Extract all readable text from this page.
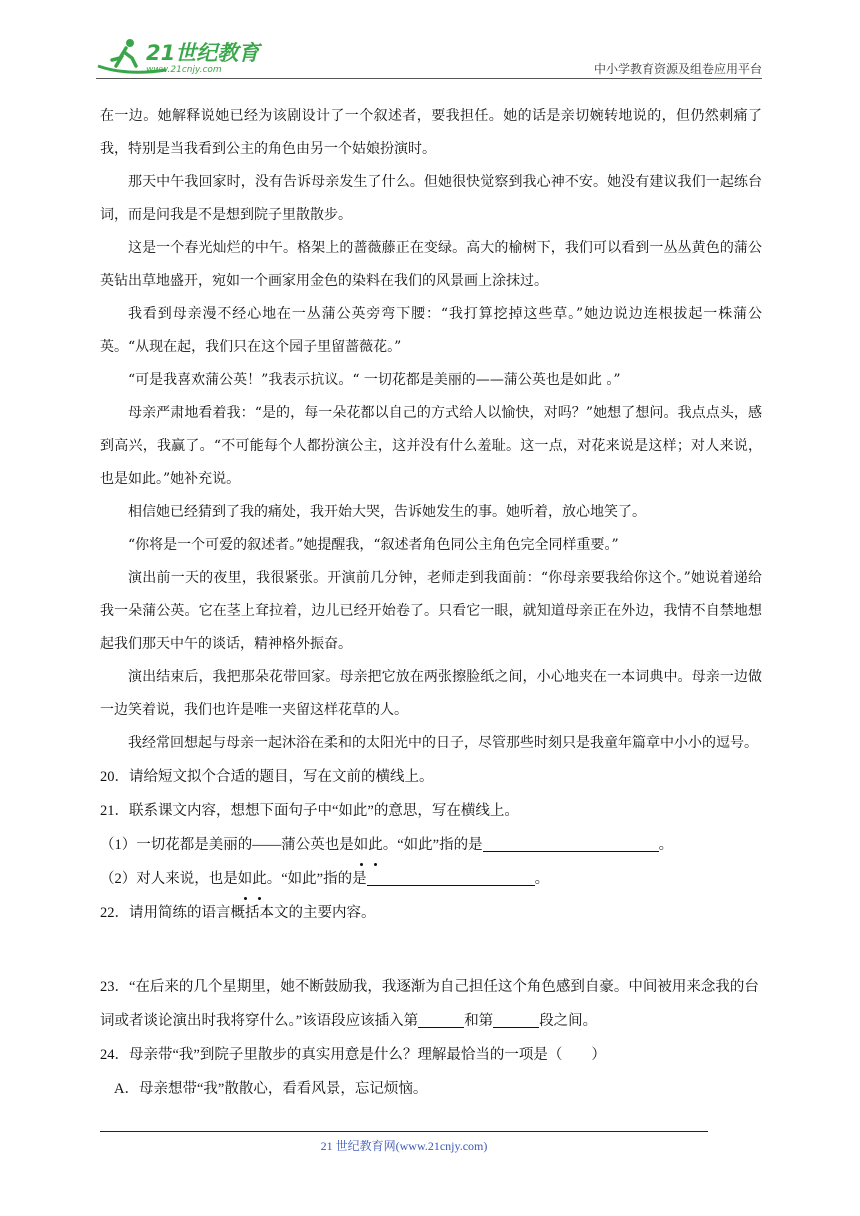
21世纪教育
www.21cnjy.com	中小学教育资源及组卷应用平台
在一边。她解释说她已经为该剧设计了一个叙述者，要我担任。她的话是亲切婉转地说的，但仍然刺痛了我，特别是当我看到公主的角色由另一个姑娘扮演时。
那天中午我回家时，没有告诉母亲发生了什么。但她很快觉察到我心神不安。她没有建议我们一起练台词，而是问我是不是想到院子里散散步。
这是一个春光灿烂的中午。格架上的蔷薇藤正在变绿。高大的榆树下，我们可以看到一丛丛黄色的蒲公英钻出草地盛开，宛如一个画家用金色的染料在我们的风景画上涂抹过。
我看到母亲漫不经心地在一丛蒲公英旁弯下腰：“我打算挖掉这些草。”她边说边连根拔起一株蒲公英。“从现在起，我们只在这个园子里留蔷薇花。”
“可是我喜欢蒲公英！”我表示抗议。“ 一切花都是美丽的——蒲公英也是如此 。”
母亲严肃地看着我：“是的，每一朵花都以自己的方式给人以愉快，对吗？”她想了想问。我点点头，感到高兴，我赢了。“不可能每个人都扮演公主，这并没有什么羞耻。这一点，对花来说是这样；对人来说，也是如此。”她补充说。
相信她已经猜到了我的痛处，我开始大哭，告诉她发生的事。她听着，放心地笑了。
“你将是一个可爱的叙述者。”她提醒我，“叙述者角色同公主角色完全同样重要。”
演出前一天的夜里，我很紧张。开演前几分钟，老师走到我面前：“你母亲要我给你这个。”她说着递给我一朵蒲公英。它在茎上耷拉着，边儿已经开始卷了。只看它一眼，就知道母亲正在外边，我情不自禁地想起我们那天中午的谈话，精神格外振奋。
演出结束后，我把那朵花带回家。母亲把它放在两张擦脸纸之间，小心地夹在一本词典中。母亲一边做一边笑着说，我们也许是唯一夹留这样花草的人。
我经常回想起与母亲一起沐浴在柔和的太阳光中的日子，尽管那些时刻只是我童年篇章中小小的逗号。
20．请给短文拟个合适的题目，写在文前的横线上。
21．联系课文内容，想想下面句子中“如此”的意思，写在横线上。
（1）一切花都是美丽的——蒲公英也是如此。“如此”指的是	。
（2）对人来说，也是如此。“如此”指的是	。
22．请用简练的语言概括本文的主要内容。
23．“在后来的几个星期里，她不断鼓励我，我逐渐为自己担任这个角色感到自豪。中间被用来念我的台词或者谈论演出时我将穿什么。”该语段应该插入第	和第	段之间。
24．母亲带“我”到院子里散步的真实用意是什么？理解最恰当的一项是（　　）
A．母亲想带“我”散散心，看看风景，忘记烦恼。
21 世纪教育网(www.21cnjy.com)
